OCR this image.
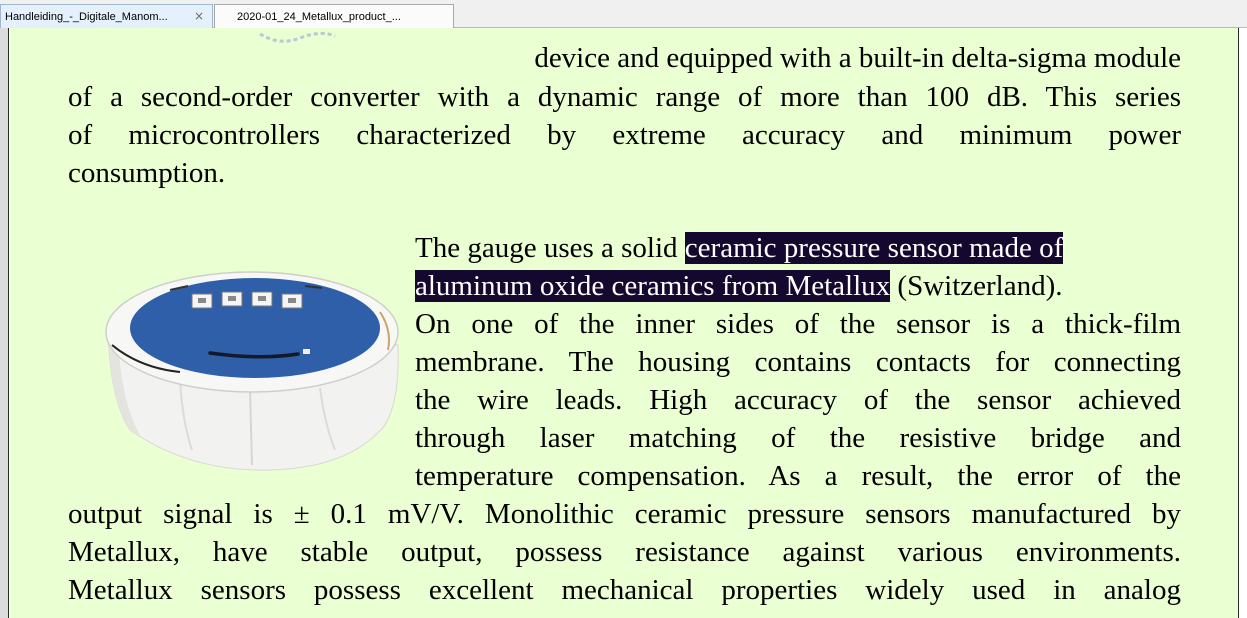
Handleiding_-_Digitale_Manom... ×	2020-01_24_Metallux_product_...
device and equipped with a built-in delta-sigma module
of a second-order converter with a dynamic range of more than 100 dB. This series
of microcontrollers characterized by extreme accuracy and minimum power
consumption.
The gauge uses a solid ceramic pressure sensor made of
aluminum oxide ceramics from Metallux (Switzerland).
On one of the inner sides of the sensor is a thick-film
membrane. The housing contains contacts for connecting
the wire leads. High accuracy of the sensor achieved
through laser matching of the resistive bridge and
temperature compensation. As a result, the error of the
output signal is ± 0.1 mV/V. Monolithic ceramic pressure sensors manufactured by
Metallux, have stable output, possess resistance against various environments.
Metallux sensors possess excellent mechanical properties widely used in analog
